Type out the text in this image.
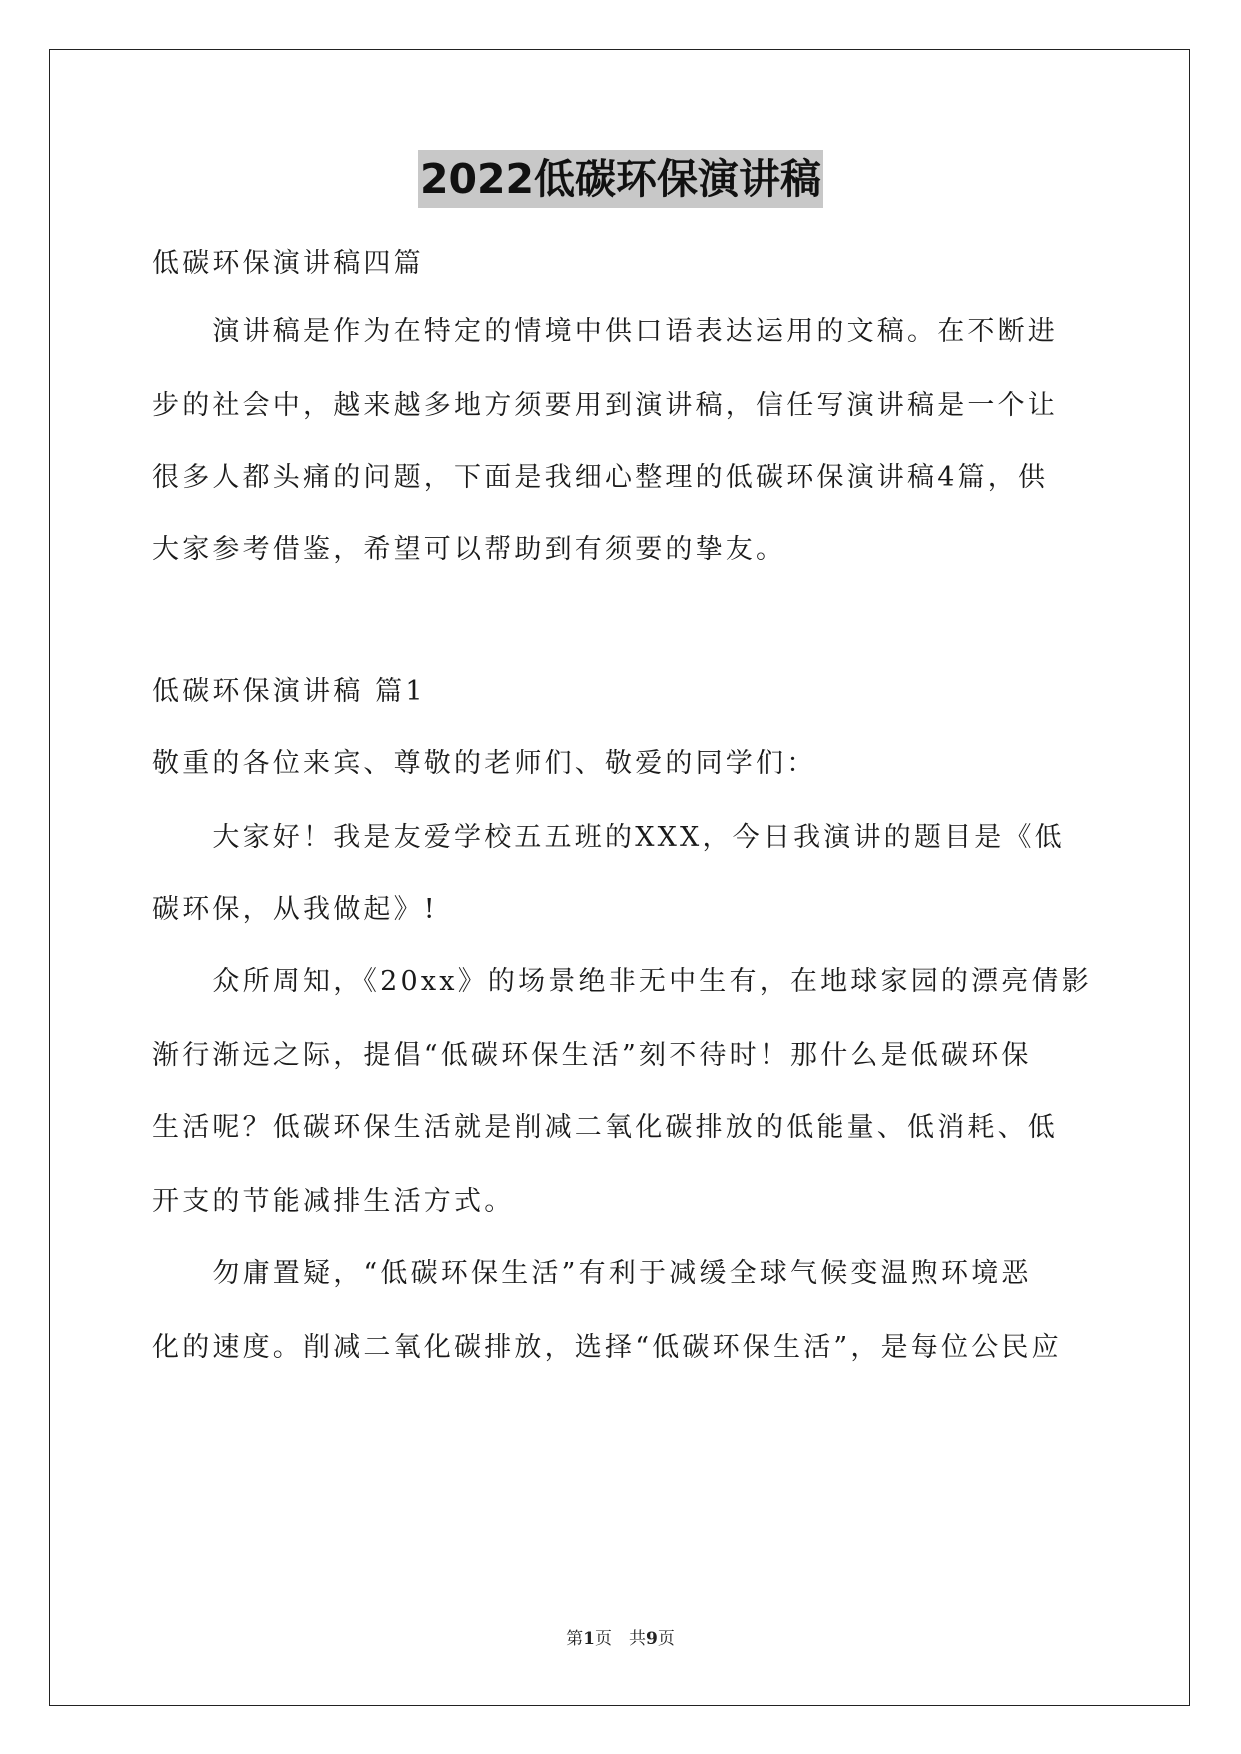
2022低碳环保演讲稿
低碳环保演讲稿四篇
　　演讲稿是作为在特定的情境中供口语表达运用的文稿。在不断进
步的社会中，越来越多地方须要用到演讲稿，信任写演讲稿是一个让
很多人都头痛的问题，下面是我细心整理的低碳环保演讲稿4篇，供
大家参考借鉴，希望可以帮助到有须要的挚友。
低碳环保演讲稿 篇1
敬重的各位来宾、尊敬的老师们、敬爱的同学们：
　　大家好！我是友爱学校五五班的XXX，今日我演讲的题目是《低
碳环保，从我做起》!
　　众所周知，《20xx》的场景绝非无中生有，在地球家园的漂亮倩影
渐行渐远之际，提倡“低碳环保生活”刻不待时！那什么是低碳环保
生活呢？低碳环保生活就是削减二氧化碳排放的低能量、低消耗、低
开支的节能减排生活方式。
　　勿庸置疑，“低碳环保生活”有利于减缓全球气候变温煦环境恶
化的速度。削减二氧化碳排放，选择“低碳环保生活”，是每位公民应
第1页　共9页
